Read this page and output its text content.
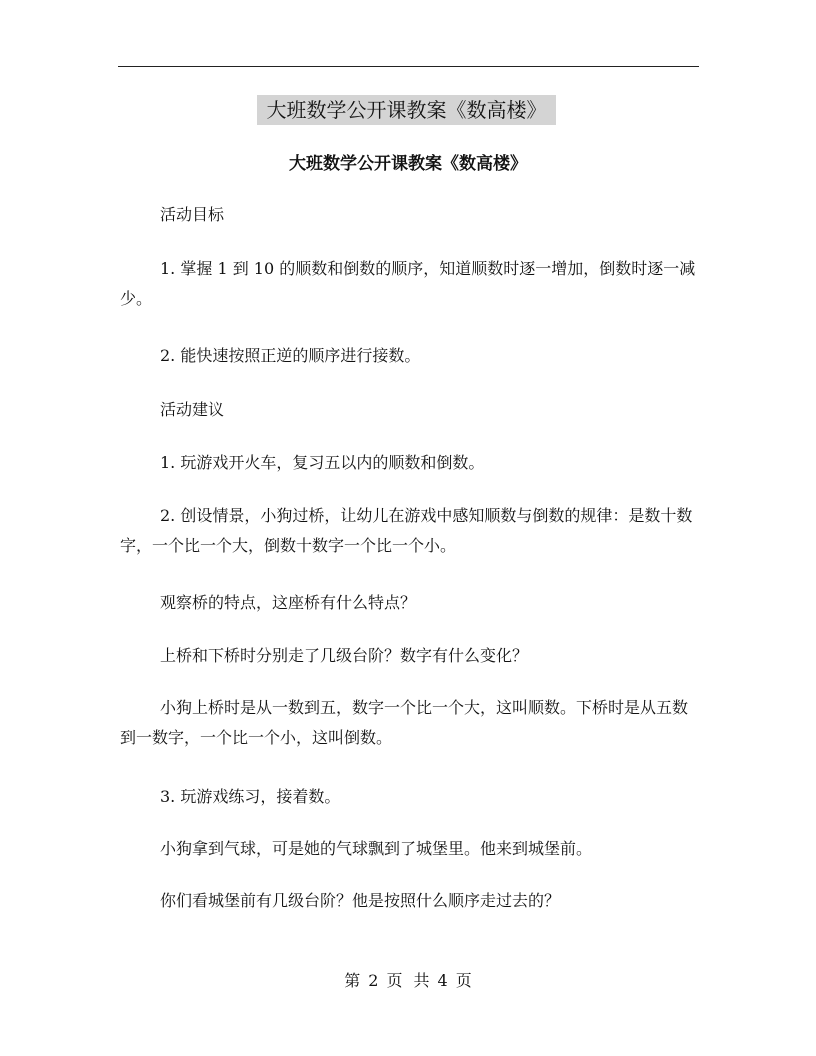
大班数学公开课教案《数高楼》
大班数学公开课教案《数高楼》
活动目标
1. 掌握 1 到 10 的顺数和倒数的顺序，知道顺数时逐一增加，倒数时逐一减少。
2. 能快速按照正逆的顺序进行接数。
活动建议
1. 玩游戏开火车，复习五以内的顺数和倒数。
2. 创设情景，小狗过桥，让幼儿在游戏中感知顺数与倒数的规律：是数十数字，一个比一个大，倒数十数字一个比一个小。
观察桥的特点，这座桥有什么特点？
上桥和下桥时分别走了几级台阶？数字有什么变化？
小狗上桥时是从一数到五，数字一个比一个大，这叫顺数。下桥时是从五数到一数字，一个比一个小，这叫倒数。
3. 玩游戏练习，接着数。
小狗拿到气球，可是她的气球飘到了城堡里。他来到城堡前。
你们看城堡前有几级台阶？他是按照什么顺序走过去的？
第 2 页 共 4 页
